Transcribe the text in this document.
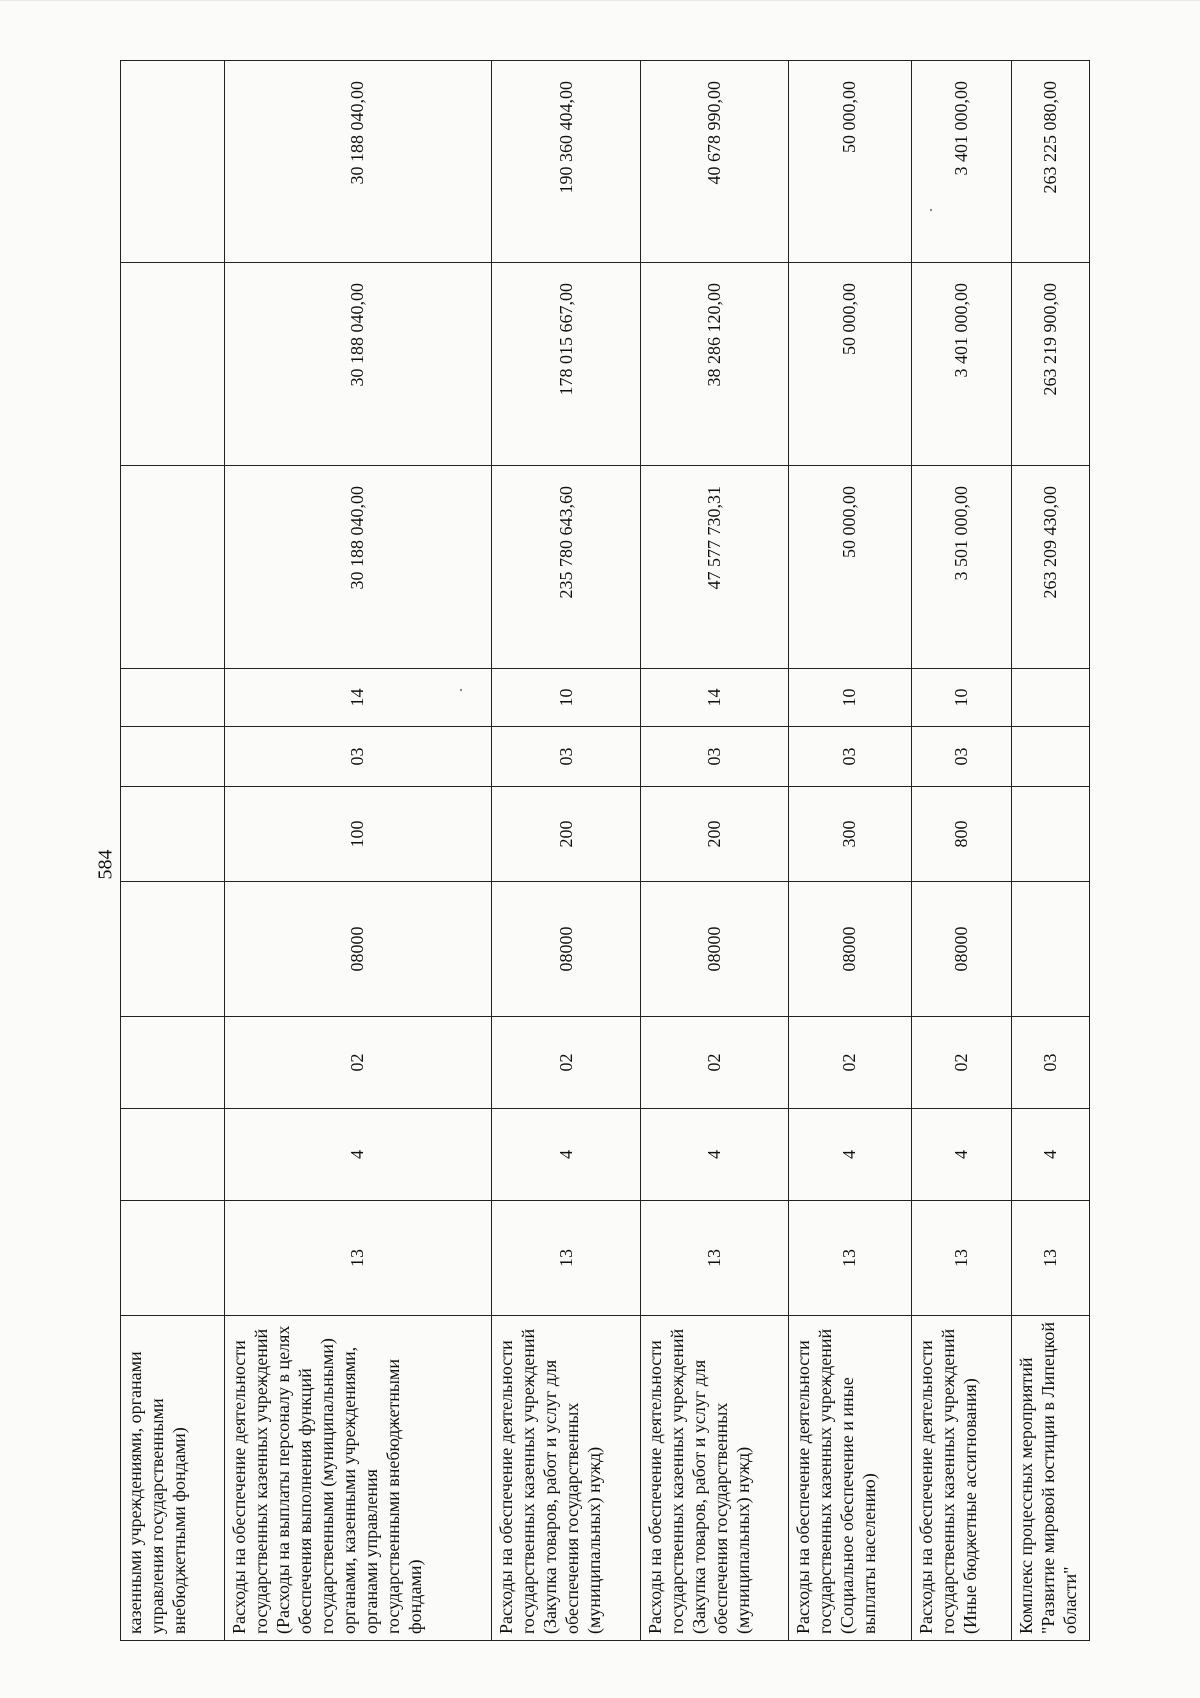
584
казенными учреждениями, органами управления государственными внебюджетными фондами)										
Расходы на обеспечение деятельности государственных казенных учреждений (Расходы на выплаты персоналу в целях обеспечения выполнения функций государственными (муниципальными) органами, казенными учреждениями, органами управления государственными внебюджетными фондами)	13	4	02	08000	100	03	14	30 188 040,00	30 188 040,00	30 188 040,00
Расходы на обеспечение деятельности государственных казенных учреждений (Закупка товаров, работ и услуг для обеспечения государственных (муниципальных) нужд)	13	4	02	08000	200	03	10	235 780 643,60	178 015 667,00	190 360 404,00
Расходы на обеспечение деятельности государственных казенных учреждений (Закупка товаров, работ и услуг для обеспечения государственных (муниципальных) нужд)	13	4	02	08000	200	03	14	47 577 730,31	38 286 120,00	40 678 990,00
Расходы на обеспечение деятельности государственных казенных учреждений (Социальное обеспечение и иные выплаты населению)	13	4	02	08000	300	03	10	50 000,00	50 000,00	50 000,00
Расходы на обеспечение деятельности государственных казенных учреждений (Иные бюджетные ассигнования)	13	4	02	08000	800	03	10	3 501 000,00	3 401 000,00	3 401 000,00
Комплекс процессных мероприятий "Развитие мировой юстиции в Липецкой области"	13	4	03					263 209 430,00	263 219 900,00	263 225 080,00
